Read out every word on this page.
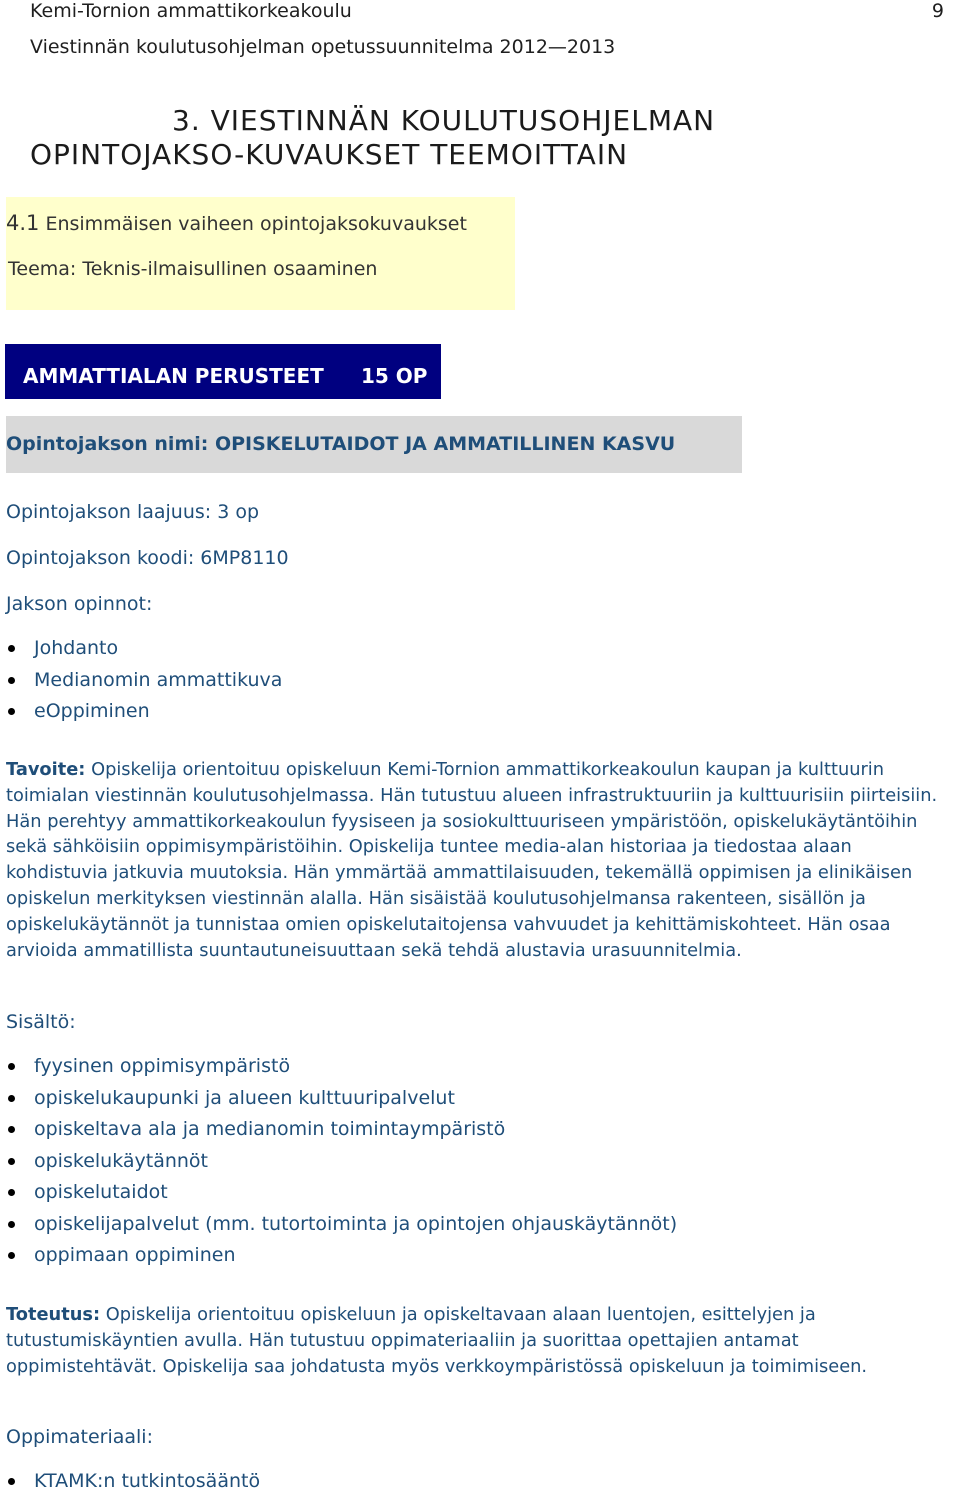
Kemi-Tornion ammattikorkeakoulu
Viestinnän koulutusohjelman opetussuunnitelma 2012—2013
9
3. VIESTINNÄN KOULUTUSOHJELMAN
OPINTOJAKSO-KUVAUKSET TEEMOITTAIN
4.1 Ensimmäisen vaiheen opintojaksokuvaukset
Teema: Teknis-ilmaisullinen osaaminen
AMMATTIALAN PERUSTEET 15 OP
Opintojakson nimi: OPISKELUTAIDOT JA AMMATILLINEN KASVU
Opintojakson laajuus: 3 op
Opintojakson koodi: 6MP8110
Jakson opinnot:
Johdanto
Medianomin ammattikuva
eOppiminen

Tavoite: Opiskelija orientoituu opiskeluun Kemi-Tornion ammattikorkeakoulun kaupan ja kulttuurin toimialan viestinnän koulutusohjelmassa. Hän tutustuu alueen infrastruktuuriin ja kulttuurisiin piirteisiin. Hän perehtyy ammattikorkeakoulun fyysiseen ja sosiokulttuuriseen ympäristöön, opiskelukäytäntöihin sekä sähköisiin oppimisympäristöihin. Opiskelija tuntee media-alan historiaa ja tiedostaa alaan kohdistuvia jatkuvia muutoksia. Hän ymmärtää ammattilaisuuden, tekemällä oppimisen ja elinikäisen opiskelun merkityksen viestinnän alalla. Hän sisäistää koulutusohjelmansa rakenteen, sisällön ja opiskelukäytännöt ja tunnistaa omien opiskelutaitojensa vahvuudet ja kehittämiskohteet. Hän osaa arvioida ammatillista suuntautuneisuuttaan sekä tehdä alustavia urasuunnitelmia.

Sisältö:
fyysinen oppimisympäristö
opiskelukaupunki ja alueen kulttuuripalvelut
opiskeltava ala ja medianomin toimintaympäristö
opiskelukäytännöt
opiskelutaidot
opiskelijapalvelut (mm. tutortoiminta ja opintojen ohjauskäytännöt)
oppimaan oppiminen

Toteutus: Opiskelija orientoituu opiskeluun ja opiskeltavaan alaan luentojen, esittelyjen ja tutustumiskäyntien avulla. Hän tutustuu oppimateriaaliin ja suorittaa opettajien antamat oppimistehtävät. Opiskelija saa johdatusta myös verkkoympäristössä opiskeluun ja toimimiseen.

Oppimateriaali:
KTAMK:n tutkintosääntö
